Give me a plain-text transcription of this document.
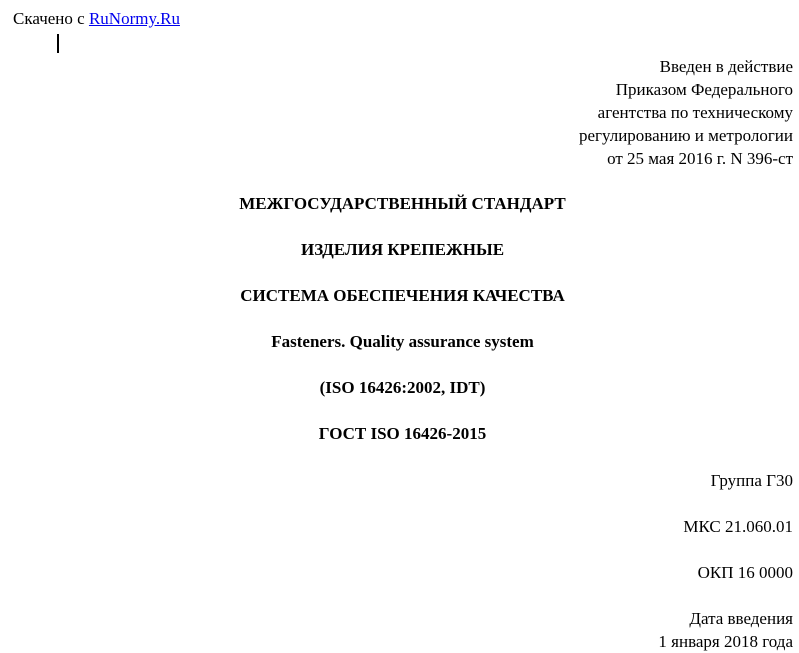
Скачено с RuNormy.Ru
Введен в действие
Приказом Федерального
агентства по техническому
регулированию и метрологии
от 25 мая 2016 г. N 396-ст
МЕЖГОСУДАРСТВЕННЫЙ СТАНДАРТ
ИЗДЕЛИЯ КРЕПЕЖНЫЕ
СИСТЕМА ОБЕСПЕЧЕНИЯ КАЧЕСТВА
Fasteners. Quality assurance system
(ISO 16426:2002, IDT)
ГОСТ ISO 16426-2015
Группа Г30
МКС 21.060.01
ОКП 16 0000
Дата введения
1 января 2018 года
